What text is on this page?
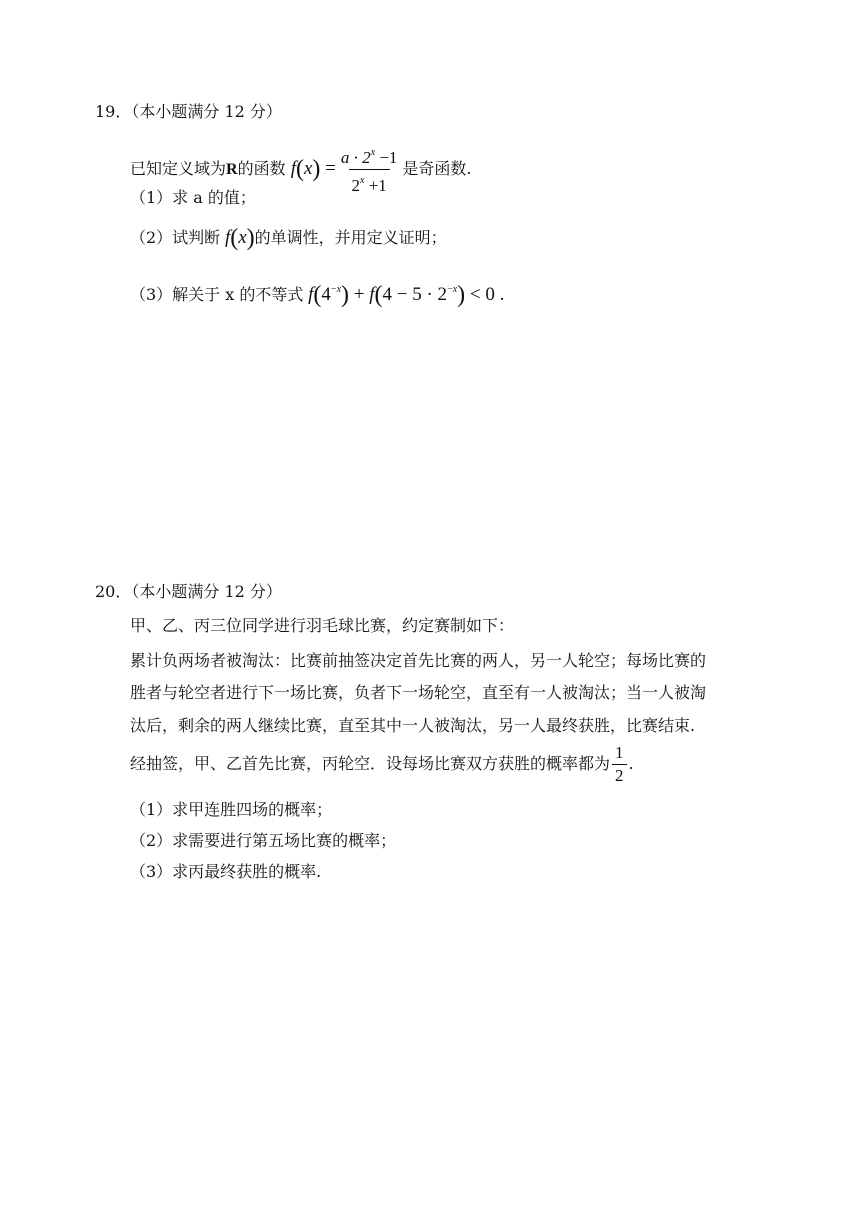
19．（本小题满分 12 分）
已知定义域为R的函数 $f(x) = \frac{a \cdot 2^x -1}{2^x +1}$ 是奇函数.
（1）求 a 的值；
（2）试判断 f(x)的单调性，并用定义证明；
（3）解关于 x 的不等式 $f(4^{-x}) + f(4 - 5 \cdot 2^{-x}) < 0$ .
20．（本小题满分 12 分）
甲、乙、丙三位同学进行羽毛球比赛，约定赛制如下：
累计负两场者被淘汰：比赛前抽签决定首先比赛的两人，另一人轮空；每场比赛的
胜者与轮空者进行下一场比赛，负者下一场轮空，直至有一人被淘汰；当一人被淘
汰后，剩余的两人继续比赛，直至其中一人被淘汰，另一人最终获胜，比赛结束.
经抽签，甲、乙首先比赛，丙轮空．设每场比赛双方获胜的概率都为 $\frac{1}{2}$ .
（1）求甲连胜四场的概率；
（2）求需要进行第五场比赛的概率；
（3）求丙最终获胜的概率.
